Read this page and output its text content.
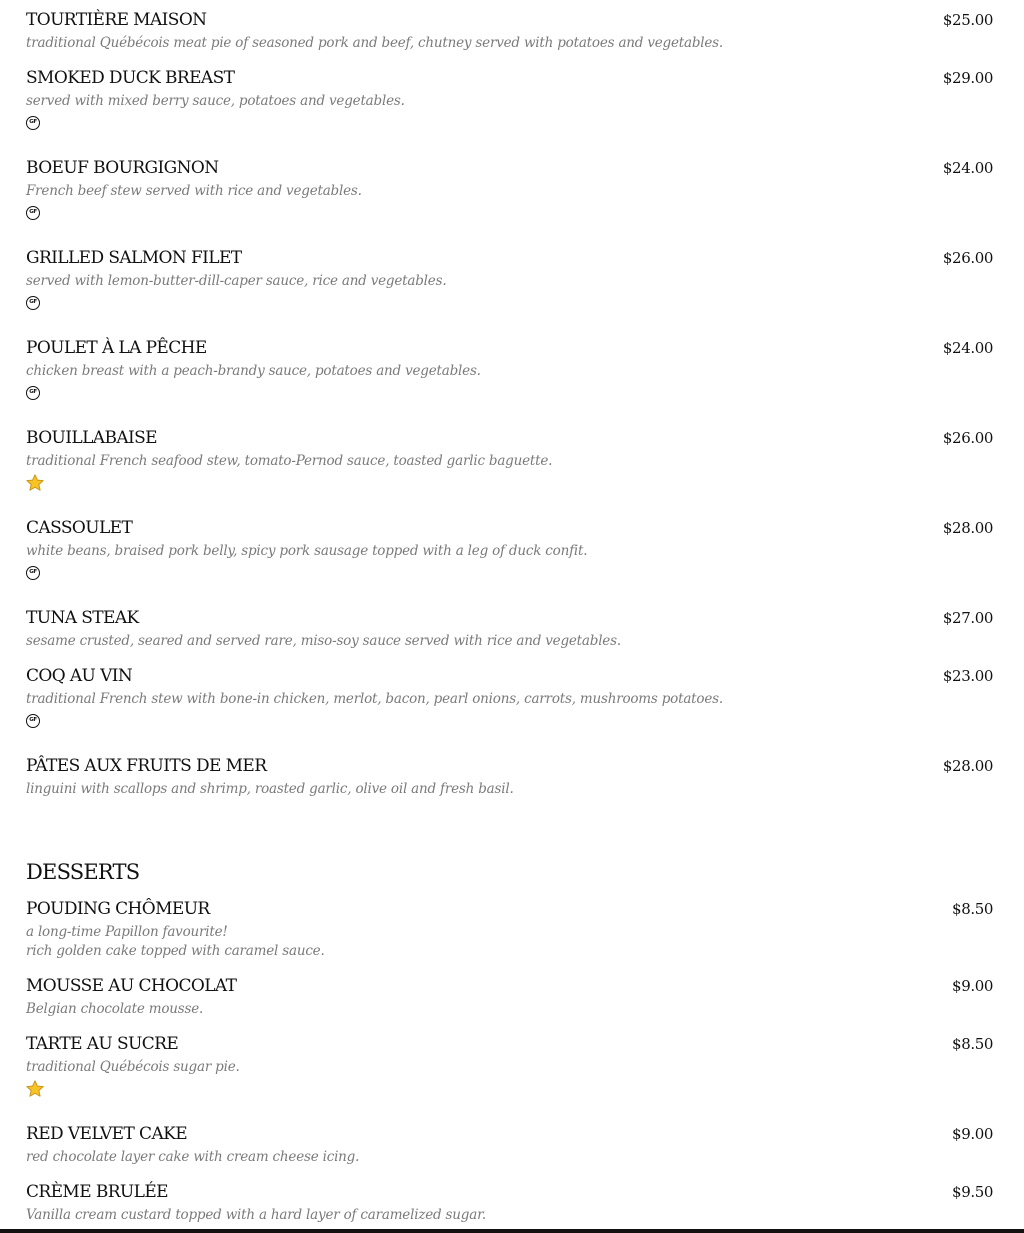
TOURTIÈRE MAISON	$25.00
traditional Québécois meat pie of seasoned pork and beef, chutney served with potatoes and vegetables.
SMOKED DUCK BREAST	$29.00
served with mixed berry sauce, potatoes and vegetables.
GF
BOEUF BOURGIGNON	$24.00
French beef stew served with rice and vegetables.
GF
GRILLED SALMON FILET	$26.00
served with lemon-butter-dill-caper sauce, rice and vegetables.
GF
POULET À LA PÊCHE	$24.00
chicken breast with a peach-brandy sauce, potatoes and vegetables.
GF
BOUILLABAISE	$26.00
traditional French seafood stew, tomato-Pernod sauce, toasted garlic baguette.
CASSOULET	$28.00
white beans, braised pork belly, spicy pork sausage topped with a leg of duck confit.
GF
TUNA STEAK	$27.00
sesame crusted, seared and served rare, miso-soy sauce served with rice and vegetables.
COQ AU VIN	$23.00
traditional French stew with bone-in chicken, merlot, bacon, pearl onions, carrots, mushrooms potatoes.
GF
PÂTES AUX FRUITS DE MER	$28.00
linguini with scallops and shrimp, roasted garlic, olive oil and fresh basil.
DESSERTS
POUDING CHÔMEUR	$8.50
a long-time Papillon favourite!
rich golden cake topped with caramel sauce.
MOUSSE AU CHOCOLAT	$9.00
Belgian chocolate mousse.
TARTE AU SUCRE	$8.50
traditional Québécois sugar pie.
RED VELVET CAKE	$9.00
red chocolate layer cake with cream cheese icing.
CRÈME BRULÉE	$9.50
Vanilla cream custard topped with a hard layer of caramelized sugar.
